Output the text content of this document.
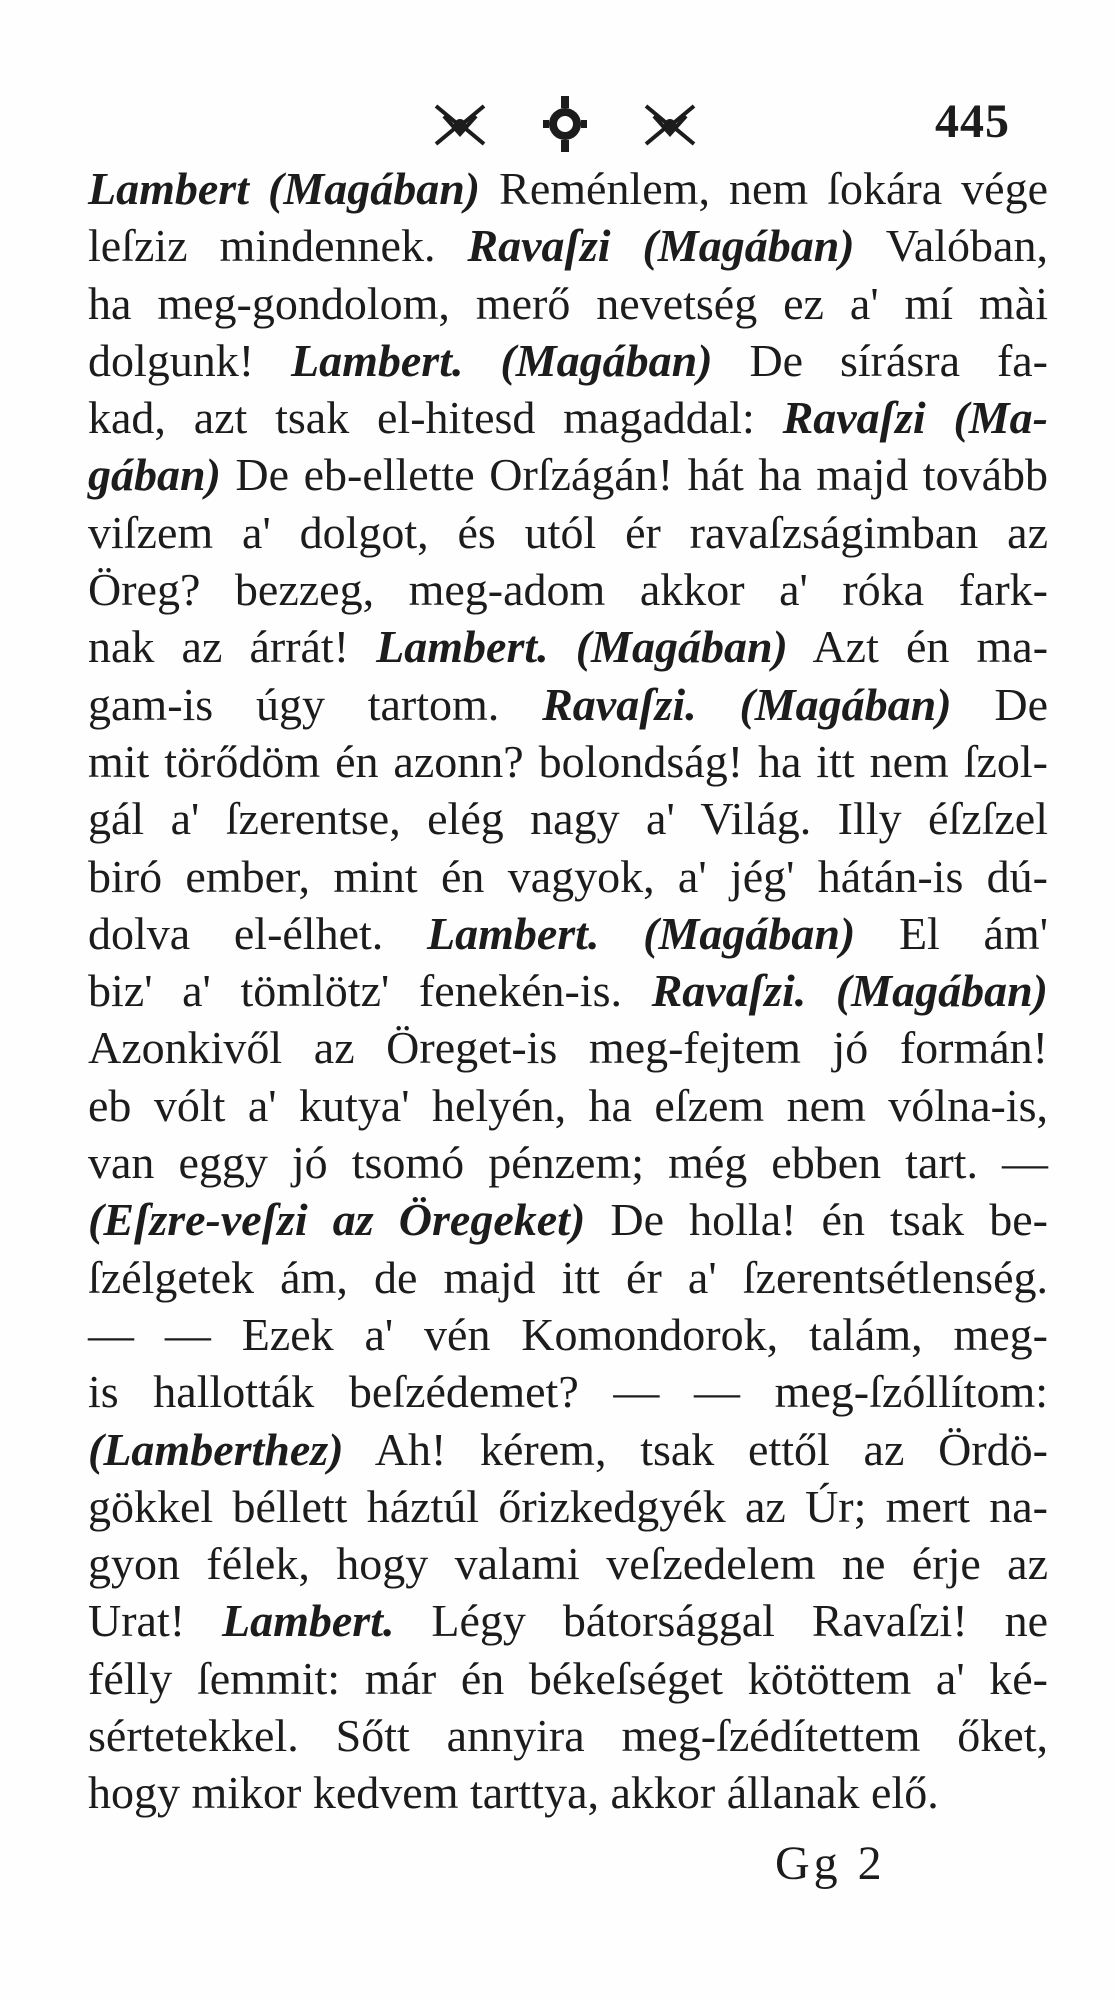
445
Lambert (Magában) Reménlem, nem ſokára vége
leſziz mindennek. Ravaſzi (Magában) Valóban,
ha meg-gondolom, merő nevetség ez a' mí mài
dolgunk! Lambert. (Magában) De sírásra fa-
kad, azt tsak el-hitesd magaddal: Ravaſzi (Ma-
gában) De eb-ellette Orſzágán! hát ha majd tovább
viſzem a' dolgot, és utól ér ravaſzságimban az
Öreg? bezzeg, meg-adom akkor a' róka fark-
nak az árrát! Lambert. (Magában) Azt én ma-
gam-is úgy tartom. Ravaſzi. (Magában) De
mit törődöm én azonn? bolondság! ha itt nem ſzol-
gál a' ſzerentse, elég nagy a' Világ. Illy éſzſzel
biró ember, mint én vagyok, a' jég' hátán-is dú-
dolva el-élhet. Lambert. (Magában) El ám'
biz' a' tömlötz' fenekén-is. Ravaſzi. (Magában)
Azonkivől az Öreget-is meg-fejtem jó formán!
eb vólt a' kutya' helyén, ha eſzem nem vólna-is,
van eggy jó tsomó pénzem; még ebben tart. —
(Eſzre-veſzi az Öregeket) De holla! én tsak be-
ſzélgetek ám, de majd itt ér a' ſzerentsétlenség.
— — Ezek a' vén Komondorok, talám, meg-
is hallották beſzédemet? — — meg-ſzóllítom:
(Lamberthez) Ah! kérem, tsak ettől az Ördö-
gökkel béllett háztúl őrizkedgyék az Úr; mert na-
gyon félek, hogy valami veſzedelem ne érje az
Urat! Lambert. Légy bátorsággal Ravaſzi! ne
félly ſemmit: már én békeſséget kötöttem a' ké-
sértetekkel. Sőtt annyira meg-ſzédítettem őket,
hogy mikor kedvem tarttya, akkor állanak elő.
Gg 2
